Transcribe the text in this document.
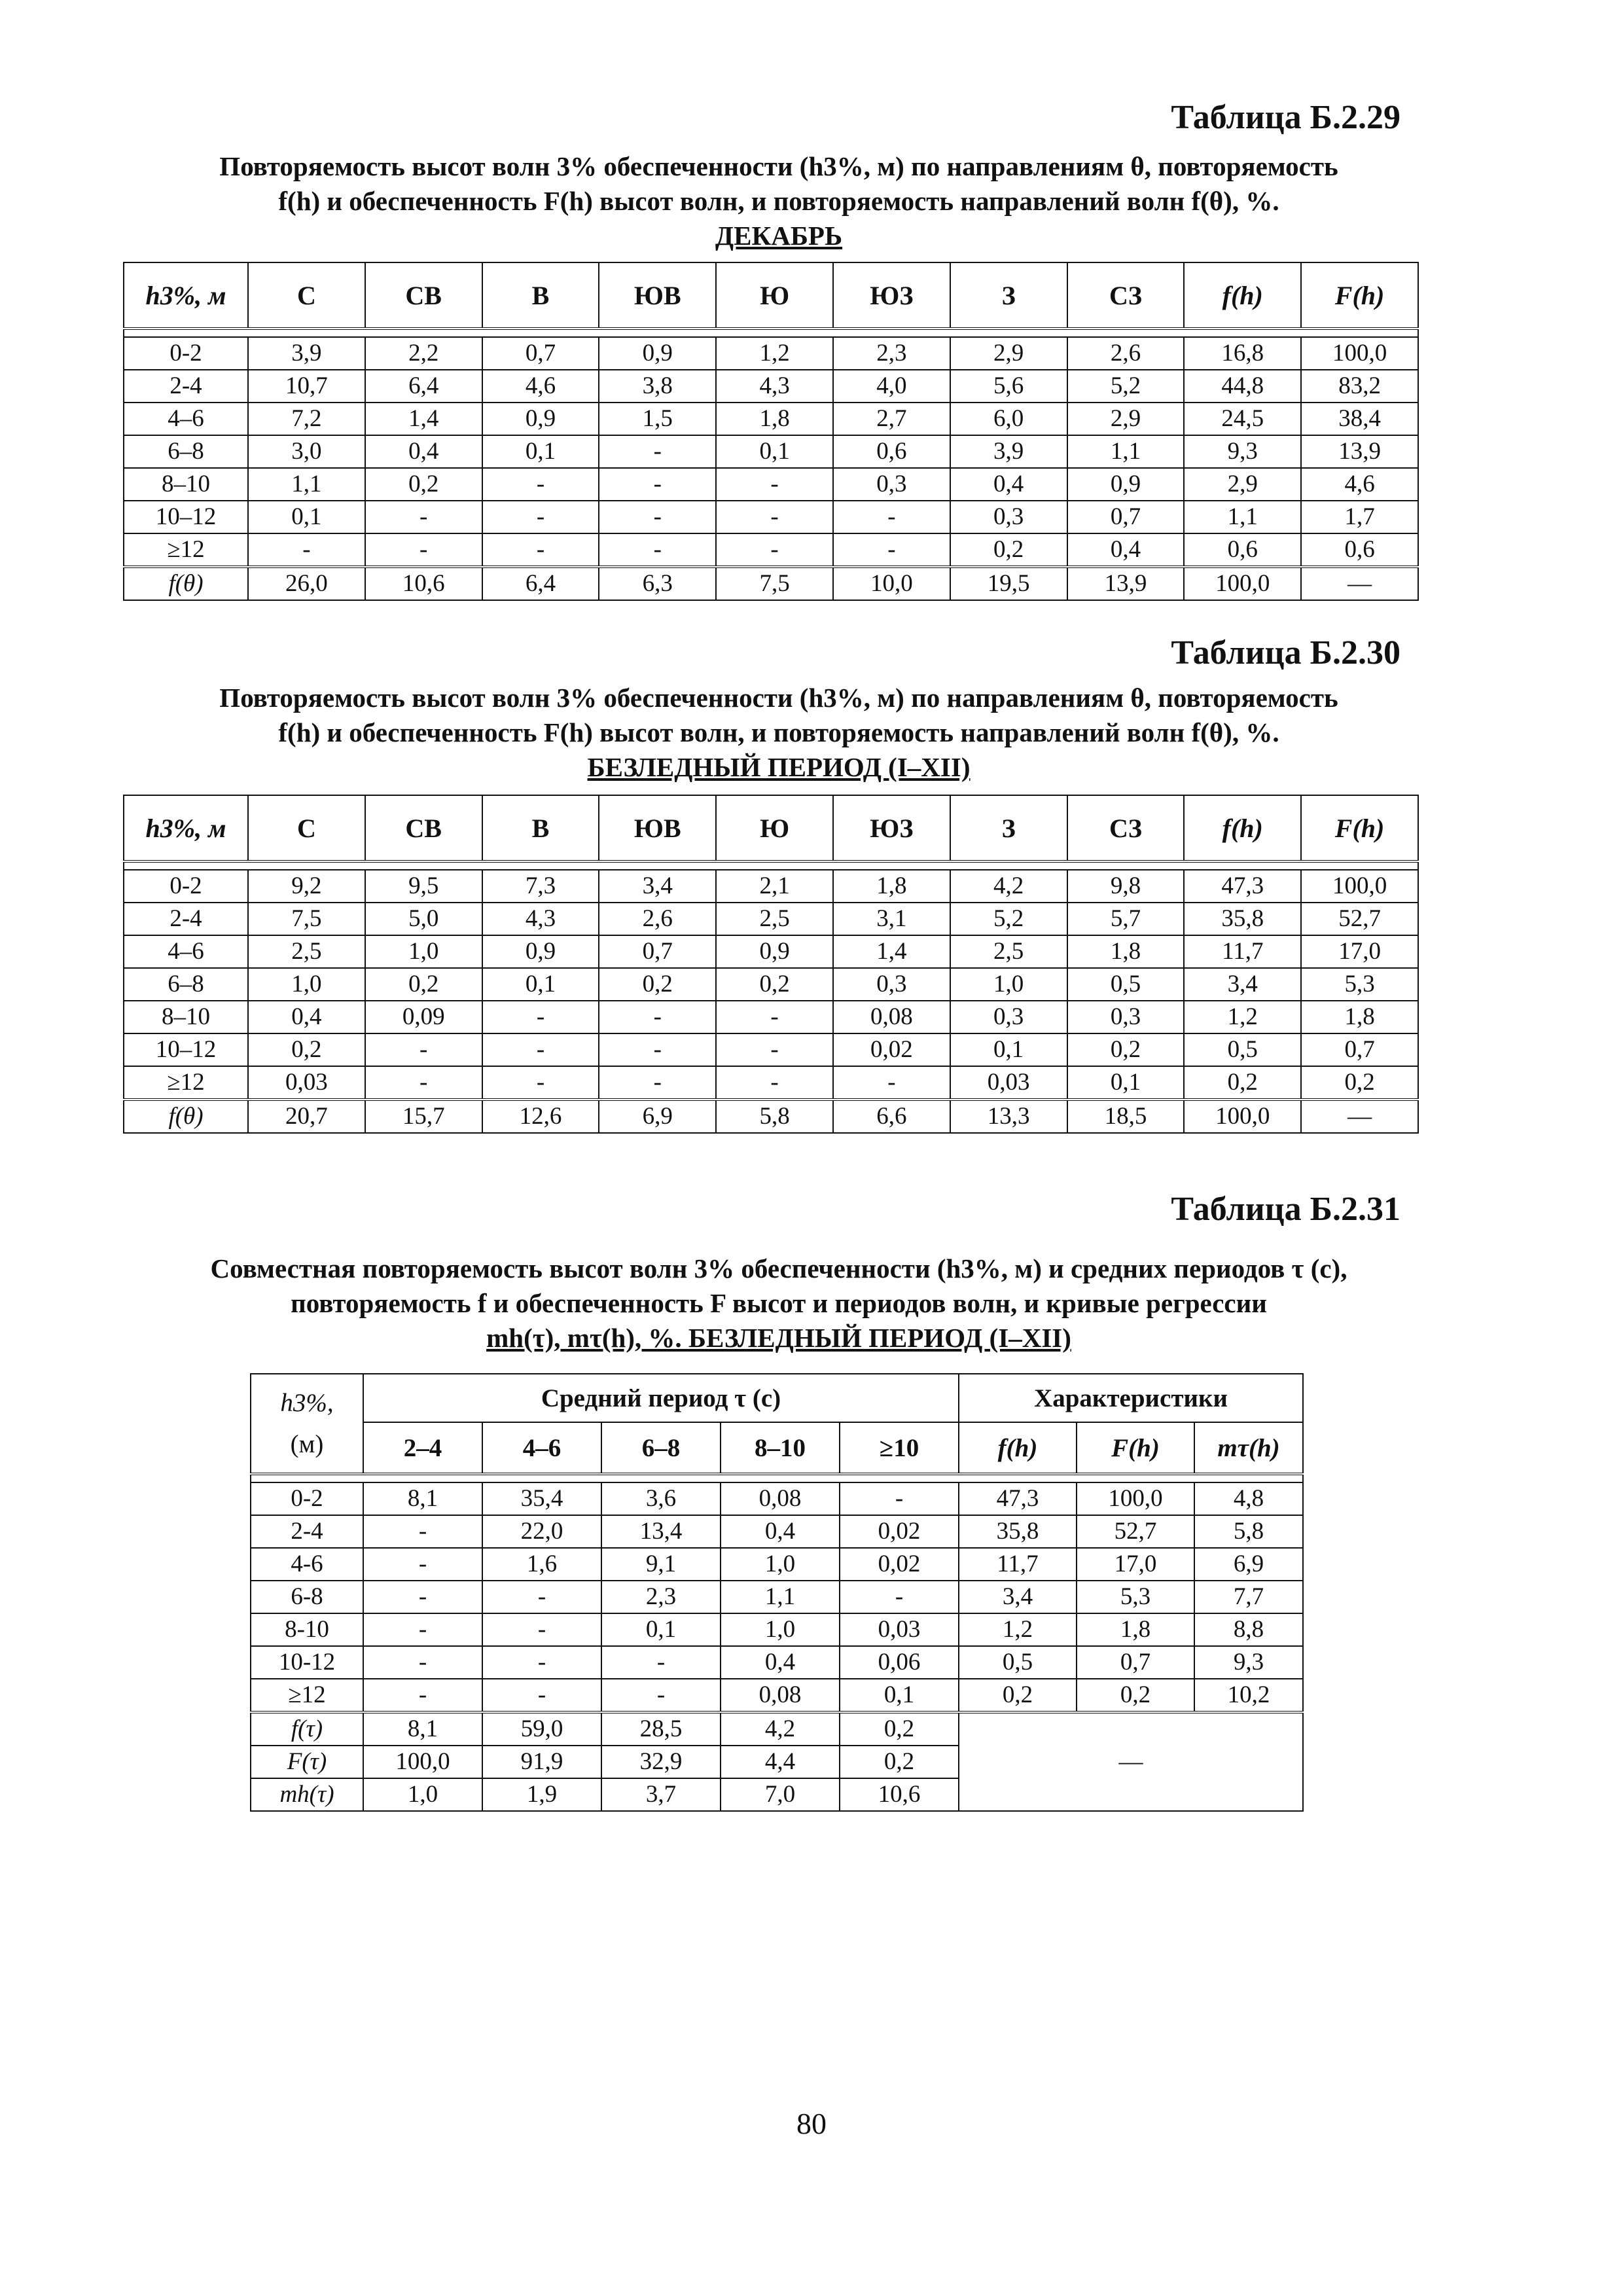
Таблица Б.2.29
Повторяемость высот волн 3% обеспеченности (h3%, м) по направлениям θ, повторяемость
f(h) и обеспеченность F(h) высот волн, и повторяемость направлений волн f(θ), %.
ДЕКАБРЬ
h3%, м	С	СВ	В	ЮВ	Ю	ЮЗ	З	СЗ	f(h)	F(h)

0-2	3,9	2,2	0,7	0,9	1,2	2,3	2,9	2,6	16,8	100,0
2-4	10,7	6,4	4,6	3,8	4,3	4,0	5,6	5,2	44,8	83,2
4–6	7,2	1,4	0,9	1,5	1,8	2,7	6,0	2,9	24,5	38,4
6–8	3,0	0,4	0,1	-	0,1	0,6	3,9	1,1	9,3	13,9
8–10	1,1	0,2	-	-	-	0,3	0,4	0,9	2,9	4,6
10–12	0,1	-	-	-	-	-	0,3	0,7	1,1	1,7
≥12	-	-	-	-	-	-	0,2	0,4	0,6	0,6
f(θ)	26,0	10,6	6,4	6,3	7,5	10,0	19,5	13,9	100,0	—
Таблица Б.2.30
Повторяемость высот волн 3% обеспеченности (h3%, м) по направлениям θ, повторяемость
f(h) и обеспеченность F(h) высот волн, и повторяемость направлений волн f(θ), %.
БЕЗЛЕДНЫЙ ПЕРИОД (I–XII)
h3%, м	С	СВ	В	ЮВ	Ю	ЮЗ	З	СЗ	f(h)	F(h)

0-2	9,2	9,5	7,3	3,4	2,1	1,8	4,2	9,8	47,3	100,0
2-4	7,5	5,0	4,3	2,6	2,5	3,1	5,2	5,7	35,8	52,7
4–6	2,5	1,0	0,9	0,7	0,9	1,4	2,5	1,8	11,7	17,0
6–8	1,0	0,2	0,1	0,2	0,2	0,3	1,0	0,5	3,4	5,3
8–10	0,4	0,09	-	-	-	0,08	0,3	0,3	1,2	1,8
10–12	0,2	-	-	-	-	0,02	0,1	0,2	0,5	0,7
≥12	0,03	-	-	-	-	-	0,03	0,1	0,2	0,2
f(θ)	20,7	15,7	12,6	6,9	5,8	6,6	13,3	18,5	100,0	—
Таблица Б.2.31
Совместная повторяемость высот волн 3% обеспеченности (h3%, м) и средних периодов τ (с),
повторяемость f и обеспеченность F высот и периодов волн, и кривые регрессии
mh(τ), mτ(h), %. БЕЗЛЕДНЫЙ ПЕРИОД (I–XII)
h3%,
(м)	Средний период τ (с)					Характеристики		
	2–4	4–6	6–8	8–10	≥10	f(h)	F(h)	mτ(h)

0-2	8,1	35,4	3,6	0,08	-	47,3	100,0	4,8
2-4	-	22,0	13,4	0,4	0,02	35,8	52,7	5,8
4-6	-	1,6	9,1	1,0	0,02	11,7	17,0	6,9
6-8	-	-	2,3	1,1	-	3,4	5,3	7,7
8-10	-	-	0,1	1,0	0,03	1,2	1,8	8,8
10-12	-	-	-	0,4	0,06	0,5	0,7	9,3
≥12	-	-	-	0,08	0,1	0,2	0,2	10,2
f(τ)	8,1	59,0	28,5	4,2	0,2	—		
F(τ)	100,0	91,9	32,9	4,4	0,2			
mh(τ)	1,0	1,9	3,7	7,0	10,6			
80
